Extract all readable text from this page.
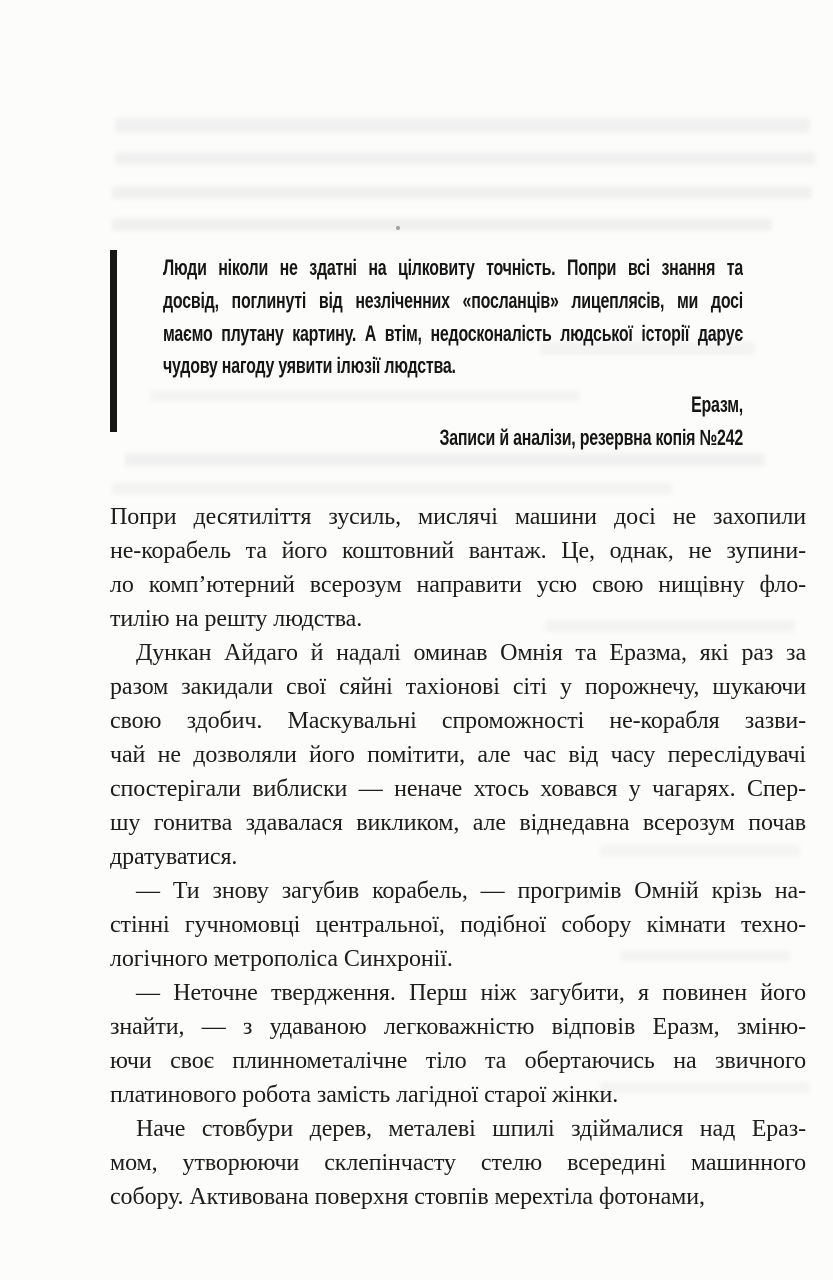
Люди ніколи не здатні на цілковиту точність. Попри всі знання та
досвід, поглинуті від незліченних «посланців» лицеплясів, ми досі
маємо плутану картину. А втім, недосконалість людської історії дарує
чудову нагоду уявити ілюзії людства.
Еразм,
Записи й аналізи, резервна копія №242
Попри десятиліття зусиль, мислячі машини досі не захопили
не-корабель та його коштовний вантаж. Це, однак, не зупини-
ло комп’ютерний всерозум направити усю свою нищівну фло-
тилію на решту людства.
Дункан Айдаго й надалі оминав Омнія та Еразма, які раз за
разом закидали свої сяйні тахіонові сіті у порожнечу, шукаючи
свою здобич. Маскувальні спроможності не-корабля зазви-
чай не дозволяли його помітити, але час від часу переслідувачі
спостерігали виблиски — неначе хтось ховався у чагарях. Спер-
шу гонитва здавалася викликом, але віднедавна всерозум почав
дратуватися.
— Ти знову загубив корабель, — прогримів Омній крізь на-
стінні гучномовці центральної, подібної собору кімнати техно-
логічного метрополіса Синхронії.
— Неточне твердження. Перш ніж загубити, я повинен його
знайти, — з удаваною легковажністю відповів Еразм, зміню-
ючи своє плиннометалічне тіло та обертаючись на звичного
платинового робота замість лагідної старої жінки.
Наче стовбури дерев, металеві шпилі здіймалися над Ераз-
мом, утворюючи склепінчасту стелю всередині машинного
собору. Активована поверхня стовпів мерехтіла фотонами,
